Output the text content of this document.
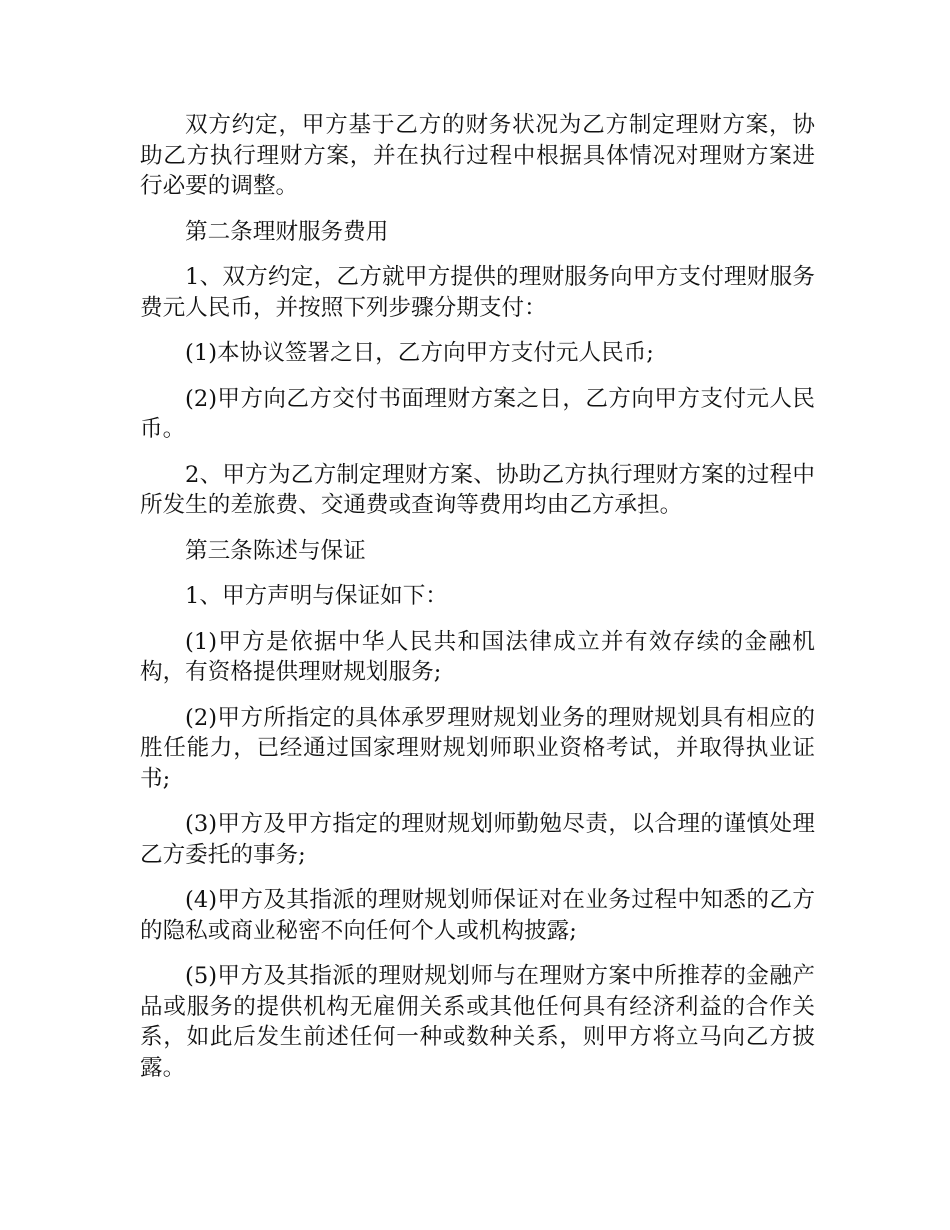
双方约定，甲方基于乙方的财务状况为乙方制定理财方案，协助乙方执行理财方案，并在执行过程中根据具体情况对理财方案进行必要的调整。

第二条理财服务费用

1、双方约定，乙方就甲方提供的理财服务向甲方支付理财服务费元人民币，并按照下列步骤分期支付：

(1)本协议签署之日，乙方向甲方支付元人民币;

(2)甲方向乙方交付书面理财方案之日，乙方向甲方支付元人民币。

2、甲方为乙方制定理财方案、协助乙方执行理财方案的过程中所发生的差旅费、交通费或查询等费用均由乙方承担。

第三条陈述与保证

1、甲方声明与保证如下：

(1)甲方是依据中华人民共和国法律成立并有效存续的金融机构，有资格提供理财规划服务;

(2)甲方所指定的具体承罗理财规划业务的理财规划具有相应的胜任能力，已经通过国家理财规划师职业资格考试，并取得执业证书;

(3)甲方及甲方指定的理财规划师勤勉尽责，以合理的谨慎处理乙方委托的事务;

(4)甲方及其指派的理财规划师保证对在业务过程中知悉的乙方的隐私或商业秘密不向任何个人或机构披露;

(5)甲方及其指派的理财规划师与在理财方案中所推荐的金融产品或服务的提供机构无雇佣关系或其他任何具有经济利益的合作关系，如此后发生前述任何一种或数种关系，则甲方将立马向乙方披露。
